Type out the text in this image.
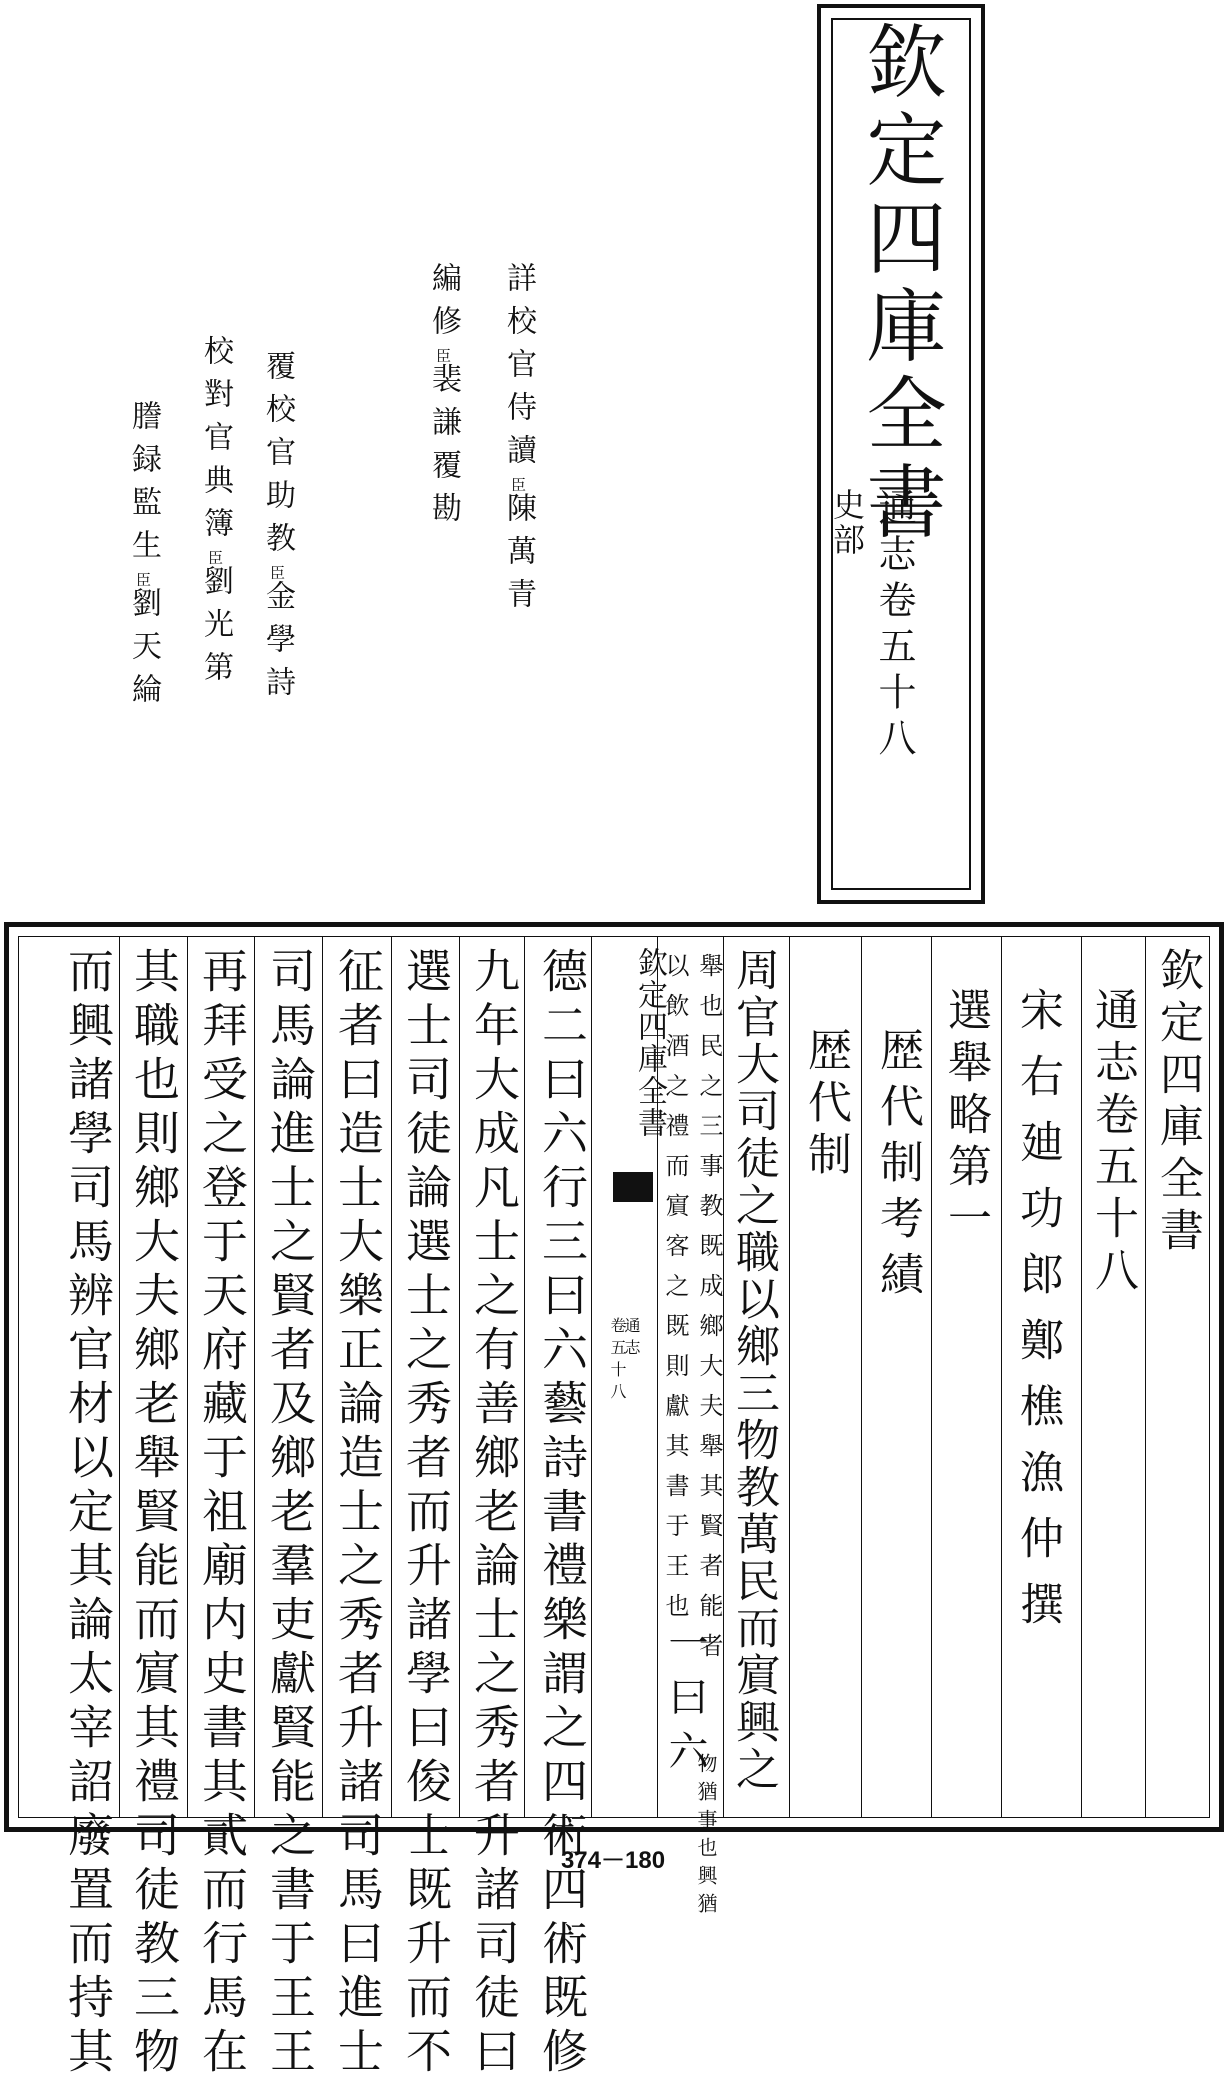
欽定四庫全書
史部 通志卷五十八
詳校官侍讀臣陳萬青
編修臣裴謙覆勘
覆校官助教臣金學詩
校對官典簿臣劉光第
謄録監生臣劉天綸
欽定四庫全書
通志卷五十八
宋右廸功郎鄭樵漁仲撰
選舉略第一
歴代制考績
歴代制
周官大司徒之職以鄉三物教萬民而賔興之
物猶事也興猶
舉也民之三事教既成鄉大夫舉其賢者能者
以飲酒之禮而賔客之既則獻其書于王也
一曰六
欽定四庫全書
通志
卷五十八
德二曰六行三曰六藝詩書禮樂謂之四術四術既修
九年大成凡士之有善鄉老論士之秀者升諸司徒曰
選士司徒論選士之秀者而升諸學曰俊士既升而不
征者曰造士大樂正論造士之秀者升諸司馬曰進士
司馬論進士之賢者及鄉老羣吏獻賢能之書于王王
再拜受之登于天府藏于祖廟内史書其貳而行馬在
其職也則鄉大夫鄉老舉賢能而賔其禮司徒教三物
而興諸學司馬辨官材以定其論太宰詔廢置而持其	374－180
